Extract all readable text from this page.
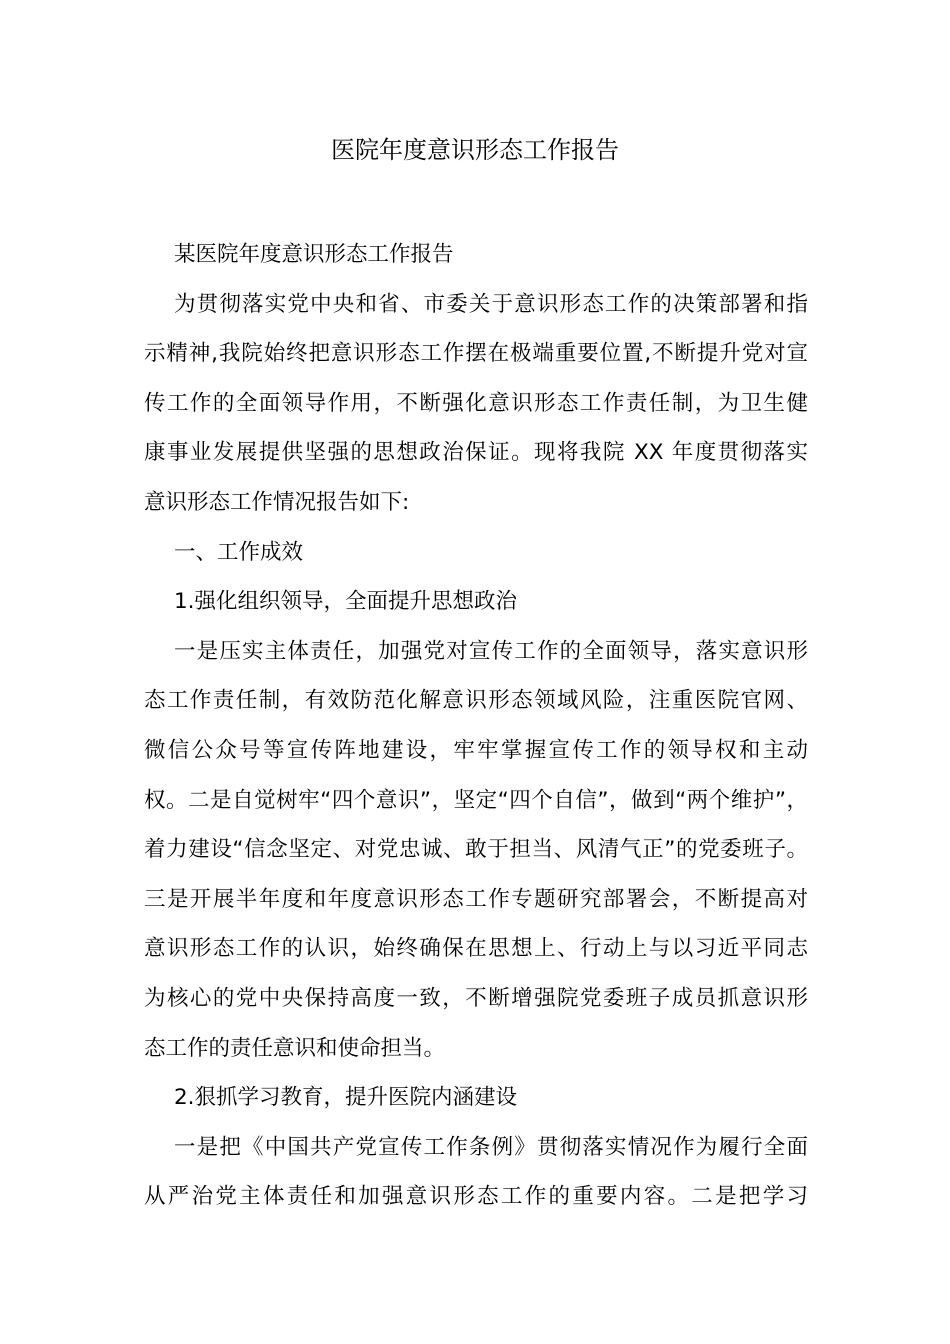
医院年度意识形态工作报告
某医院年度意识形态工作报告
为贯彻落实党中央和省、市委关于意识形态工作的决策部署和指
示精神,我院始终把意识形态工作摆在极端重要位置,不断提升党对宣
传工作的全面领导作用，不断强化意识形态工作责任制，为卫生健
康事业发展提供坚强的思想政治保证。现将我院 XX 年度贯彻落实
意识形态工作情况报告如下:
一、工作成效
1.强化组织领导，全面提升思想政治
一是压实主体责任，加强党对宣传工作的全面领导，落实意识形
态工作责任制，有效防范化解意识形态领域风险，注重医院官网、
微信公众号等宣传阵地建设，牢牢掌握宣传工作的领导权和主动
权。二是自觉树牢“四个意识”，坚定“四个自信”，做到“两个维护”，
着力建设“信念坚定、对党忠诚、敢于担当、风清气正”的党委班子。
三是开展半年度和年度意识形态工作专题研究部署会，不断提高对
意识形态工作的认识，始终确保在思想上、行动上与以习近平同志
为核心的党中央保持高度一致，不断增强院党委班子成员抓意识形
态工作的责任意识和使命担当。
2.狠抓学习教育，提升医院内涵建设
一是把《中国共产党宣传工作条例》贯彻落实情况作为履行全面
从严治党主体责任和加强意识形态工作的重要内容。二是把学习
